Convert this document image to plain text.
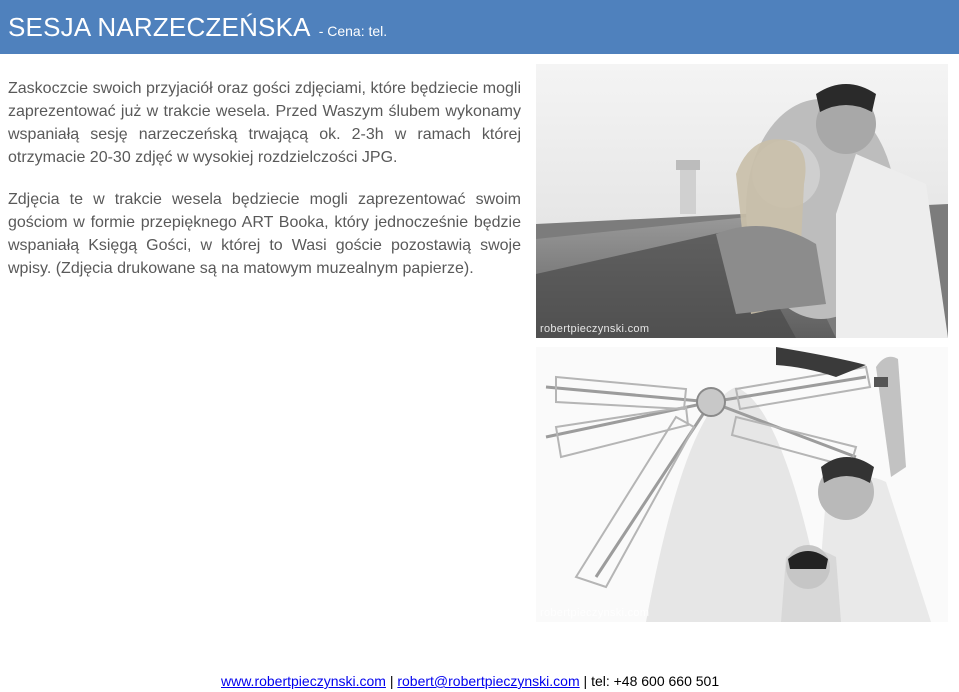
SESJA NARZECZEŃSKA - Cena: tel.

Zaskoczcie swoich przyjaciół oraz gości zdjęciami, które będziecie mogli zaprezentować już w trakcie wesela. Przed Waszym ślubem wykonamy wspaniałą sesję narzeczeńską trwającą ok. 2-3h w ramach której otrzymacie 20-30 zdjęć w wysokiej rozdzielczości JPG.

Zdjęcia te w trakcie wesela będziecie mogli zaprezentować swoim gościom w formie przepięknego ART Booka, który jednocześnie będzie wspaniałą Księgą Gości, w której to Wasi goście pozostawią swoje wpisy. (Zdjęcia drukowane są na matowym muzealnym papierze).

robertpieczynski.com
robertpieczynski.com
www.robertpieczynski.com | robert@robertpieczynski.com | tel: +48 600 660 501
